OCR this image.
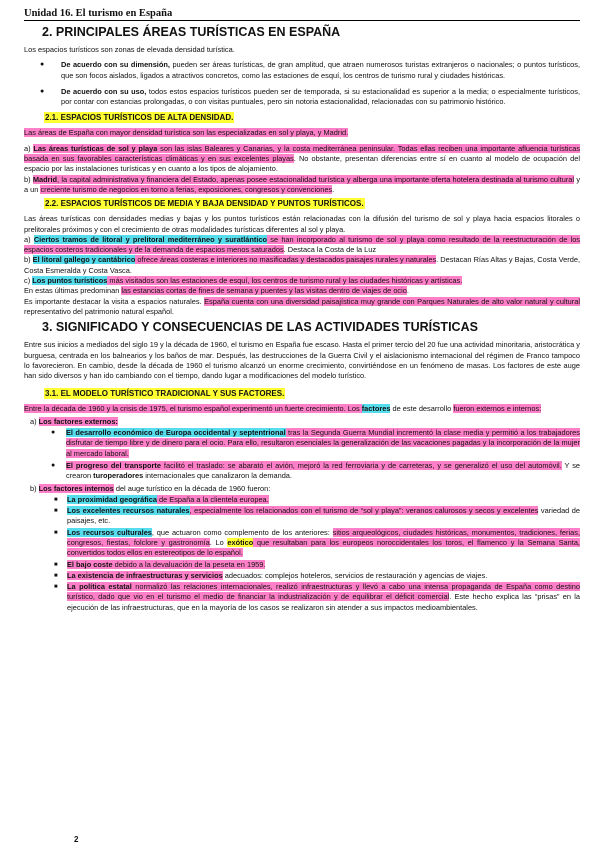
Unidad 16. El turismo en España
2. PRINCIPALES ÁREAS TURÍSTICAS EN ESPAÑA

Los espacios turísticos son zonas de elevada densidad turística.

● De acuerdo con su dimensión, pueden ser áreas turísticas, de gran amplitud, que atraen numerosos turistas extranjeros o nacionales; o puntos turísticos, que son focos aislados, ligados a atractivos concretos, como las estaciones de esquí, los centros de turismo rural y ciudades históricas.
● De acuerdo con su uso, todos estos espacios turísticos pueden ser de temporada, si su estacionalidad es superior a la media; o especialmente turísticos, por contar con estancias prolongadas, o con visitas puntuales, pero sin notoria estacionalidad, relacionadas con su patrimonio histórico.
2.1. ESPACIOS TURÍSTICOS DE ALTA DENSIDAD.

Las áreas de España con mayor densidad turística son las especializadas en sol y playa, y Madrid.

a) Las áreas turísticas de sol y playa son las islas Baleares y Canarias, y la costa mediterránea peninsular. Todas ellas reciben una importante afluencia turísticas basada en sus favorables características climáticas y en sus excelentes playas. No obstante, presentan diferencias entre sí en cuanto al modelo de ocupación del espacio por las instalaciones turísticas y en cuanto a los tipos de alojamiento.

b) Madrid, la capital administrativa y financiera del Estado, apenas posee estacionalidad turística y alberga una importante oferta hotelera destinada al turismo cultural y a un creciente turismo de negocios en torno a ferias, exposiciones, congresos y convenciones.

2.2. ESPACIOS TURÍSTICOS DE MEDIA Y BAJA DENSIDAD Y PUNTOS TURÍSTICOS.

Las áreas turísticas con densidades medias y bajas y los puntos turísticos están relacionadas con la difusión del turismo de sol y playa hacia espacios litorales o prelitorales próximos y con el crecimiento de otras modalidades turísticas diferentes al sol y playa.

a) Ciertos tramos de litoral y prelitoral mediterráneo y suratlántico se han incorporado al turismo de sol y playa como resultado de la reestructuración de los espacios costeros tradicionales y de la demanda de espacios menos saturados. Destaca la Costa de la Luz

b) El litoral gallego y cantábrico ofrece áreas costeras e interiores no masificadas y destacados paisajes rurales y naturales. Destacan Rías Altas y Bajas, Costa Verde, Costa Esmeralda y Costa Vasca.

c) Los puntos turísticos más visitados son las estaciones de esquí, los centros de turismo rural y las ciudades históricas y artísticas.

En estas últimas predominan las estancias cortas de fines de semana y puentes y las visitas dentro de viajes de ocio.

Es importante destacar la visita a espacios naturales. España cuenta con una diversidad paisajística muy grande con Parques Naturales de alto valor natural y cultural representativo del patrimonio natural español.

3. SIGNIFICADO Y CONSECUENCIAS DE LAS ACTIVIDADES TURÍSTICAS

Entre sus inicios a mediados del siglo 19 y la década de 1960, el turismo en España fue escaso. Hasta el primer tercio del 20 fue una actividad minoritaria, aristocrática y burguesa, centrada en los balnearios y los baños de mar. Después, las destrucciones de la Guerra Civil y el aislacionismo internacional del régimen de Franco tampoco lo favorecieron. En cambio, desde la década de 1960 el turismo alcanzó un enorme crecimiento, convirtiéndose en un fenómeno de masas. Los factores de este auge han sido diversos y han ido cambiando con el tiempo, dando lugar a modificaciones del modelo turístico.

3.1. EL MODELO TURÍSTICO TRADICIONAL Y SUS FACTORES.

Entre la década de 1960 y la crisis de 1975, el turismo español experimentó un fuerte crecimiento. Los factores de este desarrollo fueron externos e internos:

a) Los factores externos:
● El desarrollo económico de Europa occidental y septentrional tras la Segunda Guerra Mundial incrementó la clase media y permitió a los trabajadores disfrutar de tiempo libre y de dinero para el ocio. Para ello, resultaron esenciales la generalización de las vacaciones pagadas y la incorporación de la mujer al mercado laboral.
● El progreso del transporte facilitó el traslado: se abarató el avión, mejoró la red ferroviaria y de carreteras, y se generalizó el uso del automóvil. Y se crearon turoperadores internacionales que canalizaron la demanda.
b) Los factores internos del auge turístico en la década de 1960 fueron:
■ La proximidad geográfica de España a la clientela europea.
■ Los excelentes recursos naturales, especialmente los relacionados con el turismo de “sol y playa”: veranos calurosos y secos y excelentes variedad de paisajes, etc.
■ Los recursos culturales, que actuaron como complemento de los anteriores: sitios arqueológicos, ciudades históricas, monumentos, tradiciones, ferias, congresos, fiestas, folclore y gastronomía. Lo exótico que resultaban para los europeos noroccidentales los toros, el flamenco y la Semana Santa, convertidos todos ellos en estereotipos de lo español.
■ El bajo coste debido a la devaluación de la peseta en 1959.
■ La existencia de infraestructuras y servicios adecuados: complejos hoteleros, servicios de restauración y agencias de viajes.
■ La política estatal normalizó las relaciones internacionales, realizó infraestructuras y llevó a cabo una intensa propaganda de España como destino turístico, dado que vio en el turismo el medio de financiar la industrialización y de equilibrar el déficit comercial. Este hecho explica las “prisas” en la ejecución de las infraestructuras, que en la mayoría de los casos se realizaron sin atender a sus impactos medioambientales.
2
